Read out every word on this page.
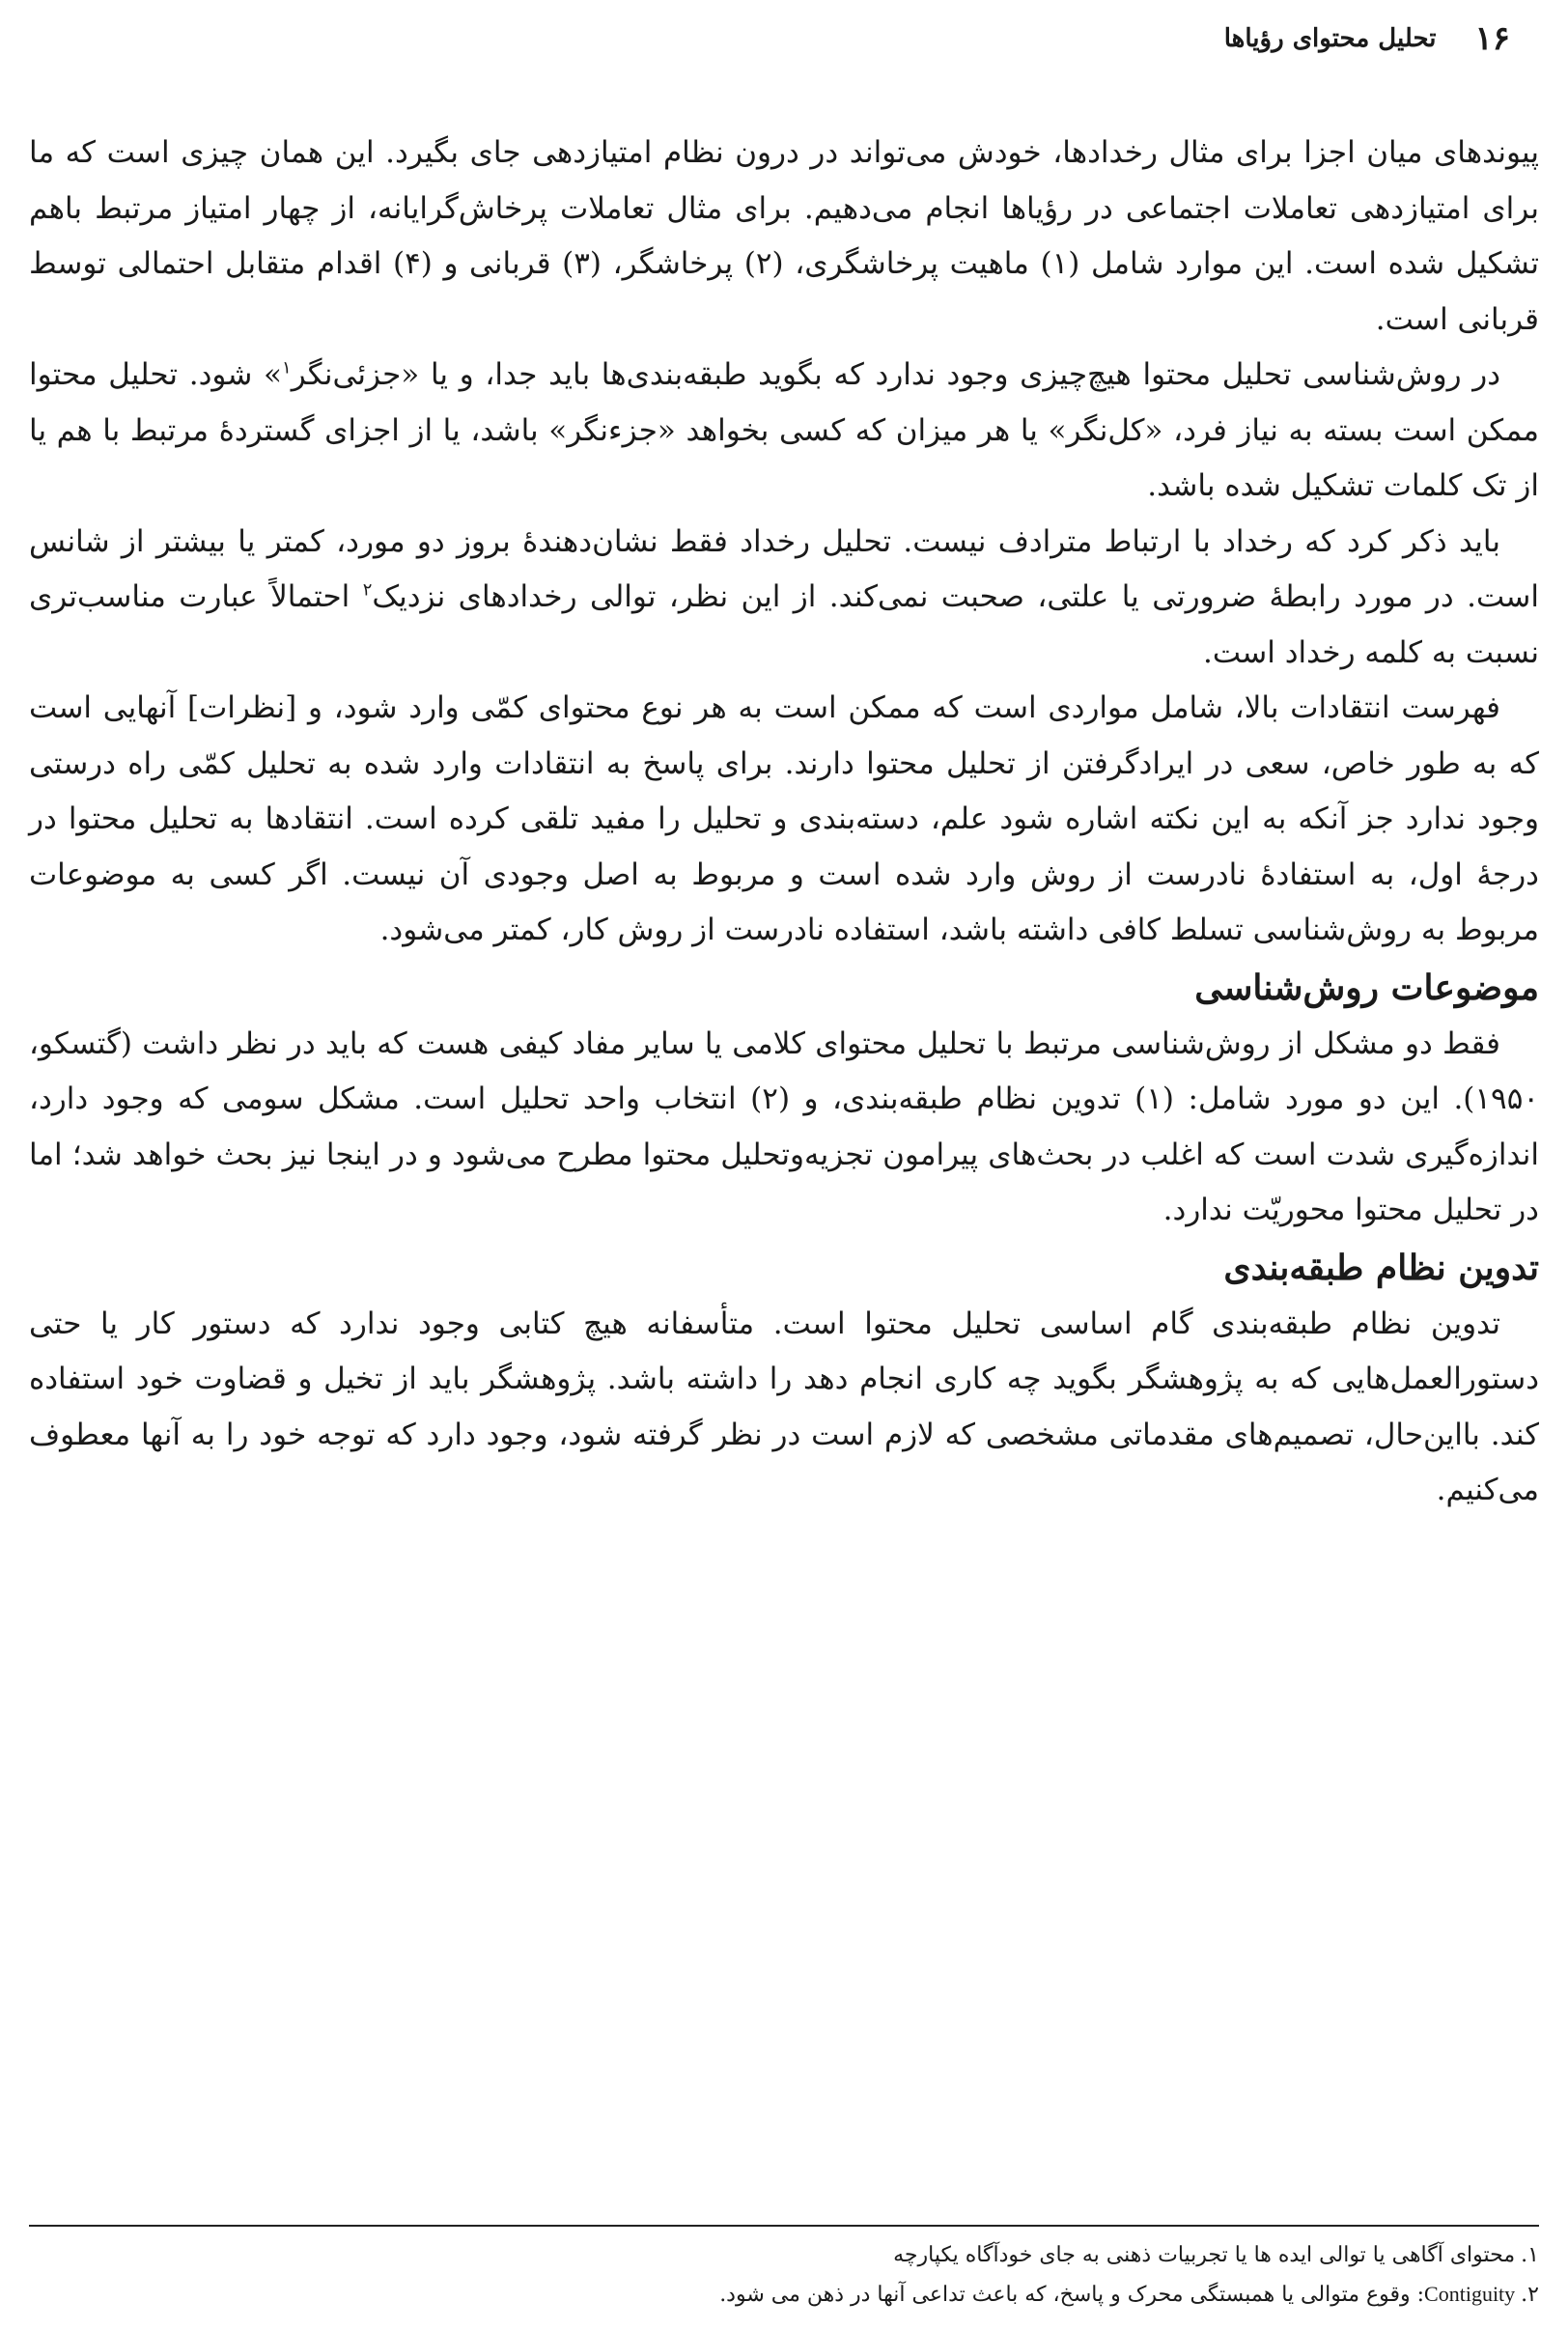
۱۶
تحلیل محتوای رؤیاها

پیوندهای میان اجزا برای مثال رخدادها، خودش می‌تواند در درون نظام امتیازدهی جای بگیرد. این همان چیزی است که ما برای امتیازدهی تعاملات اجتماعی در رؤیاها انجام می‌دهیم. برای مثال تعاملات پرخاش‌گرایانه، از چهار امتیاز مرتبط باهم تشکیل شده است. این موارد شامل (۱) ماهیت پرخاشگری، (۲) پرخاشگر، (۳) قربانی و (۴) اقدام متقابل احتمالی توسط قربانی است.

در روش‌شناسی تحلیل محتوا هیچ‌چیزی وجود ندارد که بگوید طبقه‌بندی‌ها باید جدا، و یا «جزئی‌نگر$^۱$» شود. تحلیل محتوا ممکن است بسته به نیاز فرد، «کل‌نگر» یا هر میزان که کسی بخواهد «جزءنگر» باشد، یا از اجزای گستردهٔ مرتبط با هم یا از تک کلمات تشکیل شده باشد.

باید ذکر کرد که رخداد با ارتباط مترادف نیست. تحلیل رخداد فقط نشان‌دهندهٔ بروز دو مورد، کمتر یا بیشتر از شانس است. در مورد رابطهٔ ضرورتی یا علتی، صحبت نمی‌کند. از این نظر، توالی رخدادهای نزدیک$^۲$ احتمالاً عبارت مناسب‌تری نسبت به کلمه رخداد است.

فهرست انتقادات بالا، شامل مواردی است که ممکن است به هر نوع محتوای کمّی وارد شود، و [نظرات] آنهایی است که به طور خاص، سعی در ایرادگرفتن از تحلیل محتوا دارند. برای پاسخ به انتقادات وارد شده به تحلیل کمّی راه درستی وجود ندارد جز آنکه به این نکته اشاره شود علم، دسته‌بندی و تحلیل را مفید تلقی کرده است. انتقادها به تحلیل محتوا در درجهٔ اول، به استفادهٔ نادرست از روش وارد شده است و مربوط به اصل وجودی آن نیست. اگر کسی به موضوعات مربوط به روش‌شناسی تسلط کافی داشته باشد، استفاده نادرست از روش کار، کمتر می‌شود.

موضوعات روش‌شناسی

فقط دو مشکل از روش‌شناسی مرتبط با تحلیل محتوای کلامی یا سایر مفاد کیفی هست که باید در نظر داشت (گتسکو، ۱۹۵۰). این دو مورد شامل: (۱) تدوین نظام طبقه‌بندی، و (۲) انتخاب واحد تحلیل است. مشکل سومی که وجود دارد، اندازه‌گیری شدت است که اغلب در بحث‌های پیرامون تجزیه‌وتحلیل محتوا مطرح می‌شود و در اینجا نیز بحث خواهد شد؛ اما در تحلیل محتوا محوریّت ندارد.

تدوین نظام طبقه‌بندی

تدوین نظام طبقه‌بندی گام اساسی تحلیل محتوا است. متأسفانه هیچ کتابی وجود ندارد که دستور کار یا حتی دستورالعمل‌هایی که به پژوهشگر بگوید چه کاری انجام دهد را داشته باشد. پژوهشگر باید از تخیل و قضاوت خود استفاده کند. بااین‌حال، تصمیم‌های مقدماتی مشخصی که لازم است در نظر گرفته شود، وجود دارد که توجه خود را به آنها معطوف می‌کنیم.

۱.محتوای آگاهی یا توالی ایده ها یا تجربیات ذهنی به جای خودآگاه یکپارچه

۲.Contiguity: وقوع متوالی یا همبستگی محرک و پاسخ، که باعث تداعی آنها در ذهن می شود.
